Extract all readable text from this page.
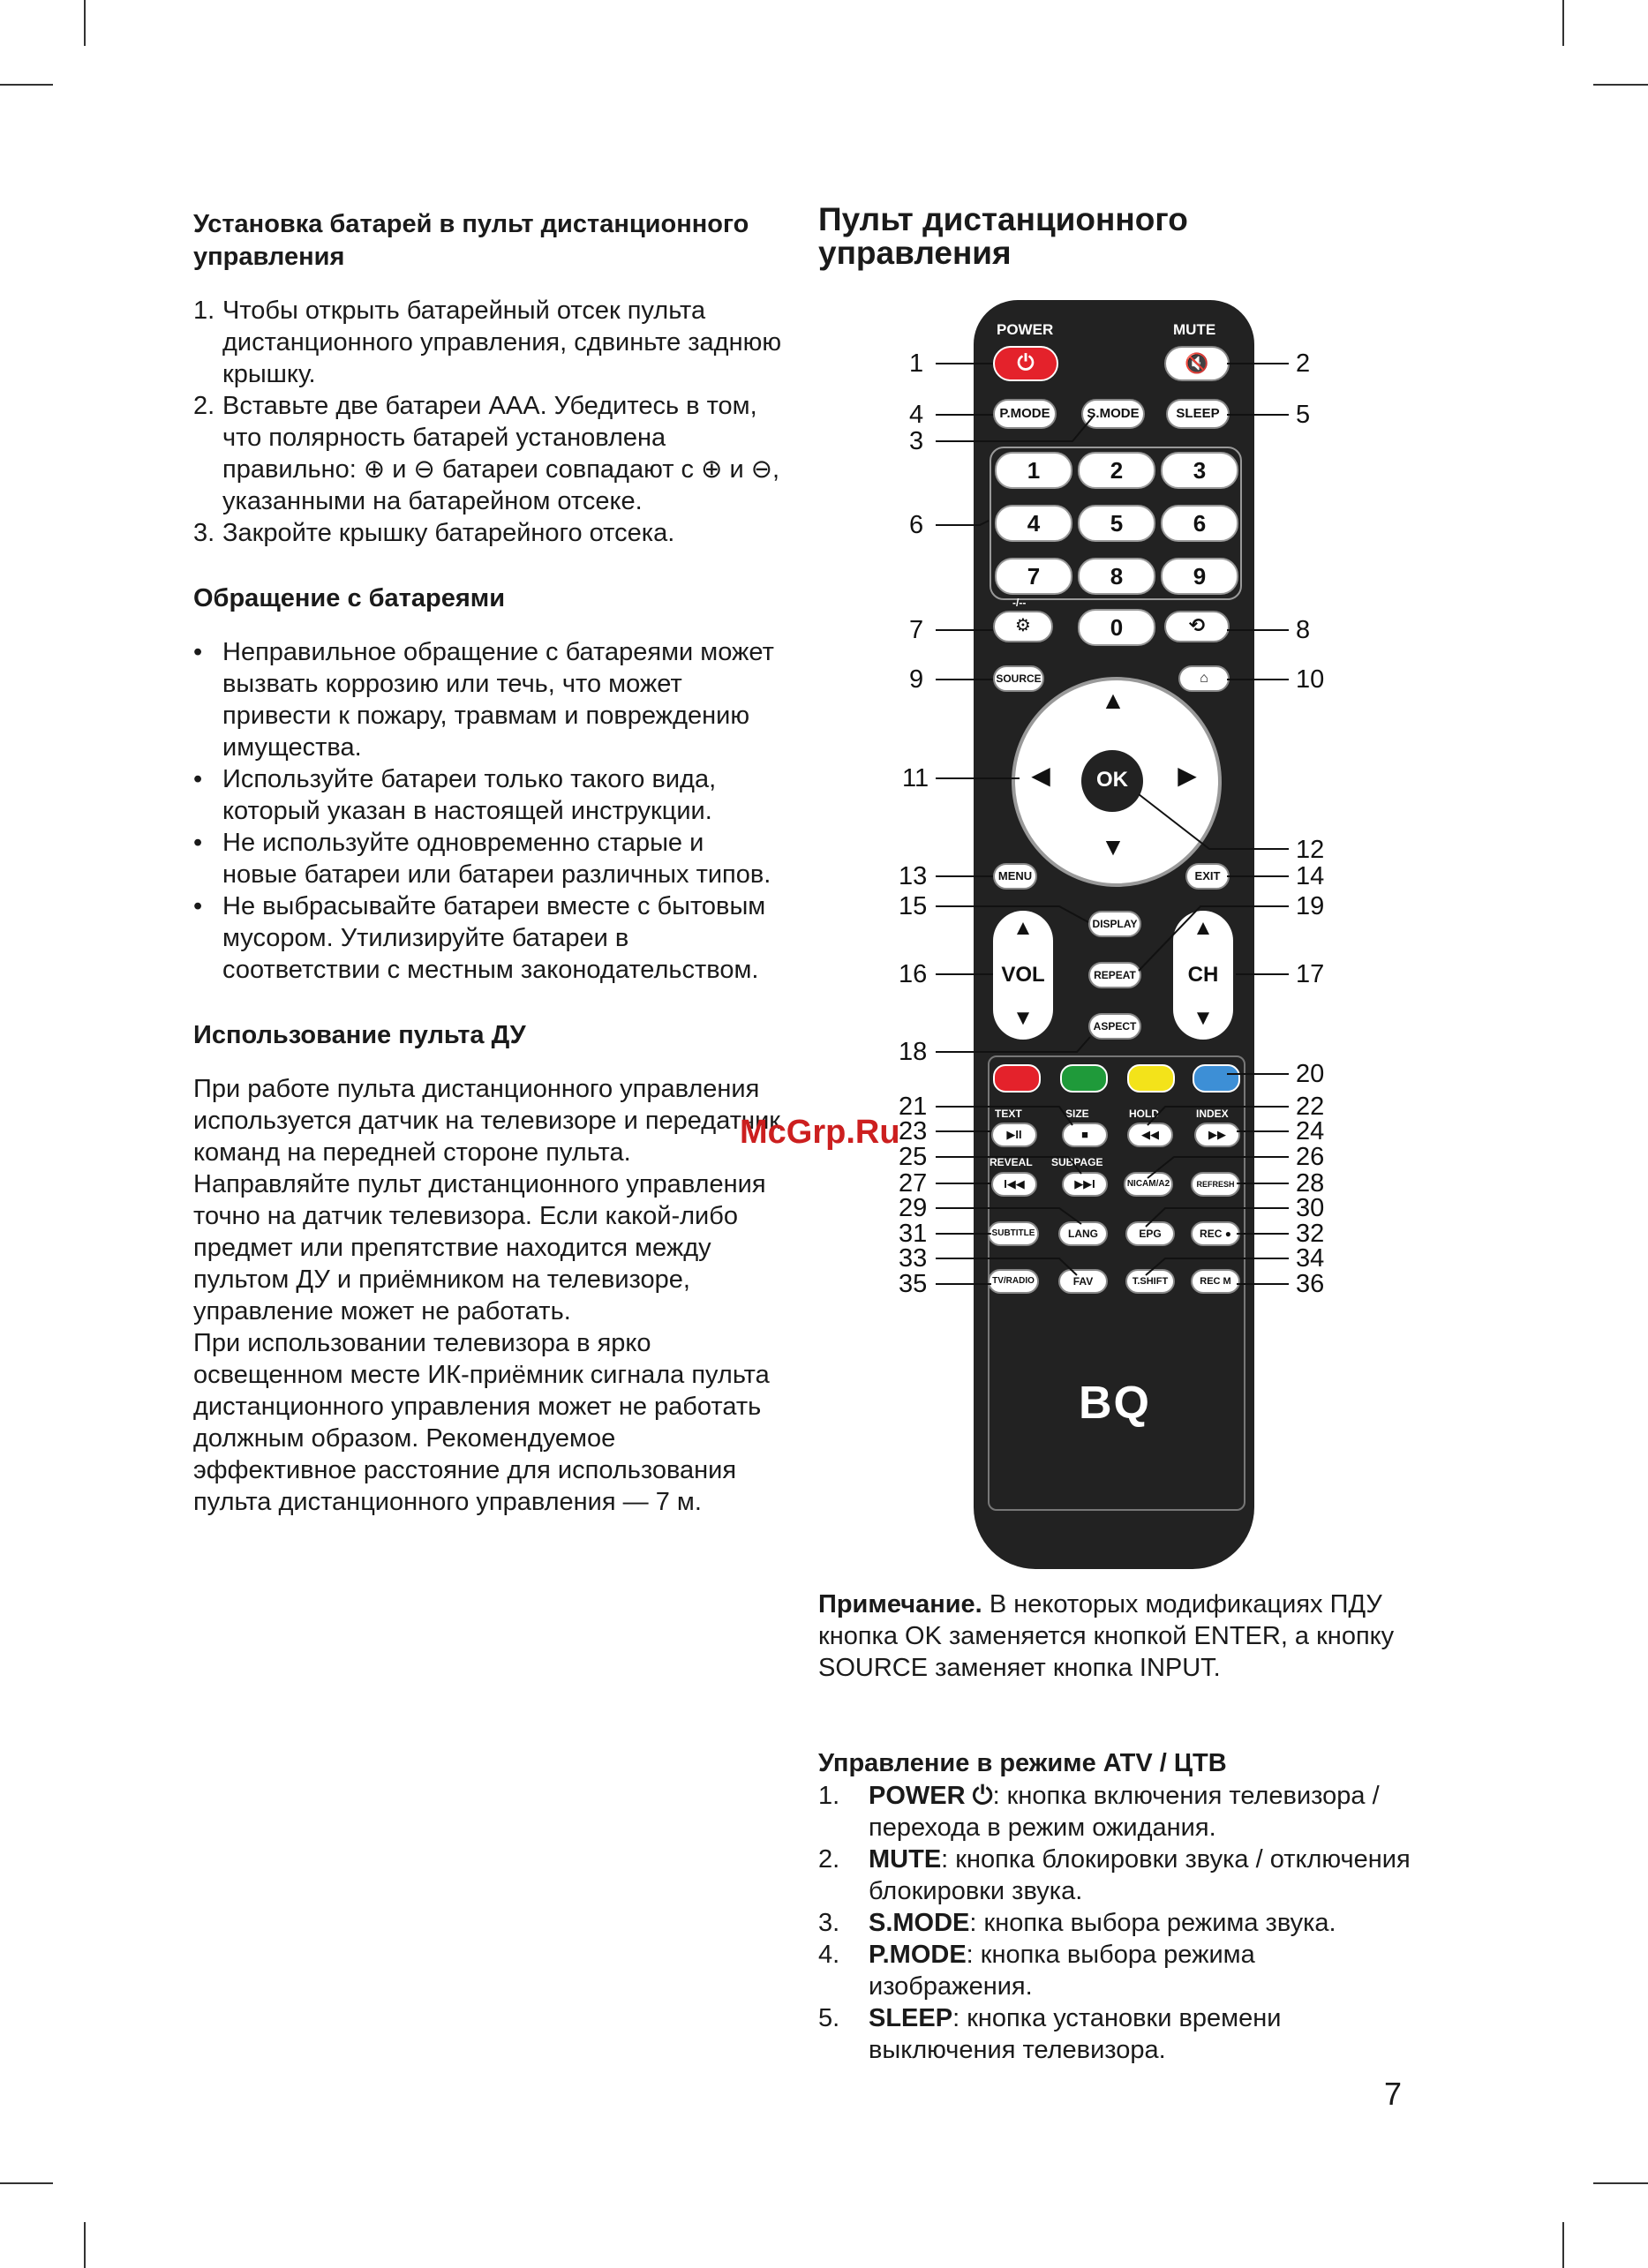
Установка батарей в пульт дистанционного управления
1. Чтобы открыть батарейный отсек пульта дистанционного управления, сдвиньте заднюю крышку.
2. Вставьте две батареи ААА. Убедитесь в том, что полярность батарей установлена правильно: ⊕ и ⊖ батареи совпадают с ⊕ и ⊖, указанными на батарейном отсеке.
3. Закройте крышку батарейного отсека.
Обращение с батареями
• Неправильное обращение с батареями может вызвать коррозию или течь, что может привести к пожару, травмам и повреждению имущества.
• Используйте батареи только такого вида, который указан в настоящей инструкции.
• Не используйте одновременно старые и новые батареи или батареи различных типов.
• Не выбрасывайте батареи вместе с бытовым мусором. Утилизируйте батареи в соответствии с местным законодательством.
Использование пульта ДУ

При работе пульта дистанционного управления используется датчик на телевизоре и передатчик команд на передней стороне пульта. Направляйте пульт дистанционного управления точно на датчик телевизора. Если какой-либо предмет или препятствие находится между пультом ДУ и приёмником на телевизоре, управление может не работать.

При использовании телевизора в ярко освещенном месте ИК-приёмник сигнала пульта дистанционного управления может не работать должным образом. Рекомендуемое эффективное расстояние для использования пульта дистанционного управления — 7 м.

Пульт дистанционного управления
POWER	MUTE
⏻	🔇
P.MODE	S.MODE	SLEEP
1	2	3
4	5	6
7	8	9
-/--
⚙	0	⟲
SOURCE	⌂
▲
▼
◀	▶
OK
MENU	EXIT
▲
VOL
▼
▲
CH
▼
DISPLAY
REPEAT
ASPECT
TEXT	SIZE	HOLD	INDEX
▶II	■	◀◀	▶▶
REVEAL SUBPAGE
I◀◀	▶▶I	NICAM/A2	REFRESH
SUBTITLE	LANG	EPG	REC ●
TV/RADIO	FAV	T.SHIFT	REC M
BQ
1	2
4
3
5
6
7	8
9	10
11
12
13	14
15	19
16	17
18
20
21	22
23	24
25	26
27	28
29	30
31	32
33	34
35	36
McGrp.Ru
Примечание. В некоторых модификациях ПДУ кнопка OK заменяется кнопкой ENTER, а кнопку SOURCE заменяет кнопка INPUT.
Управление в режиме ATV / ЦТВ
1. POWER ⏻: кнопка включения телевизора / перехода в режим ожидания.
2. MUTE: кнопка блокировки звука / отключения блокировки звука.
3. S.MODE: кнопка выбора режима звука.
4. P.MODE: кнопка выбора режима изображения.
5. SLEEP: кнопка установки времени выключения телевизора.
7
